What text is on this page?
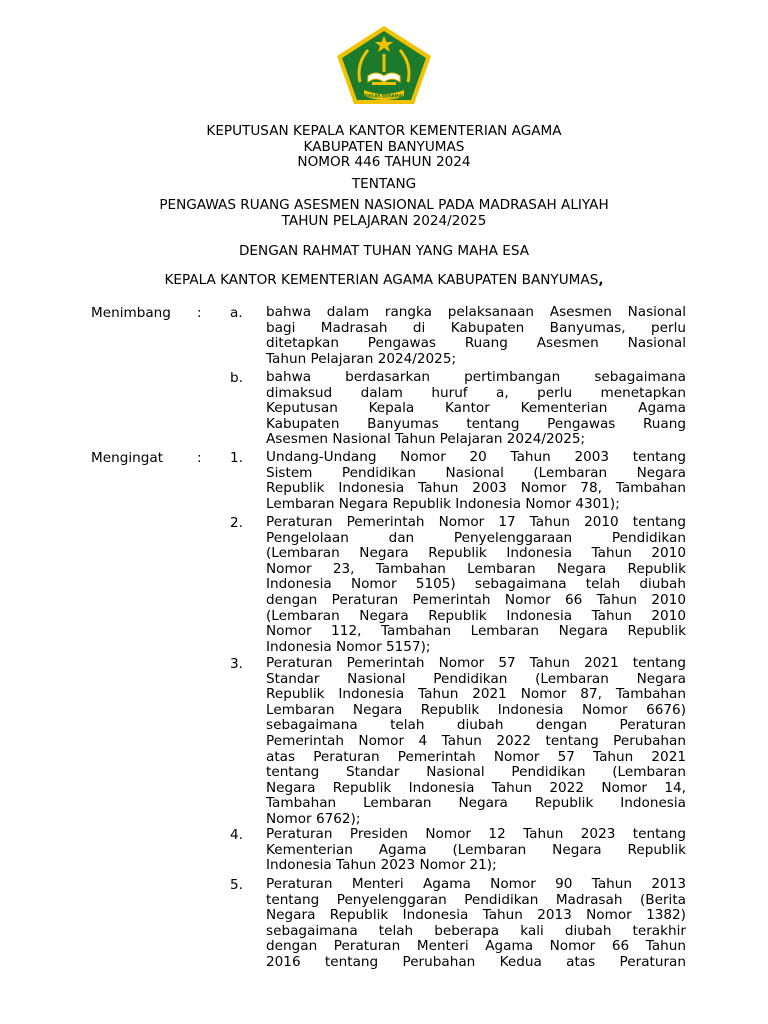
IKHLAS BERAMAL
KEPUTUSAN KEPALA KANTOR KEMENTERIAN AGAMA
KABUPATEN BANYUMAS
NOMOR 446 TAHUN 2024
TENTANG
PENGAWAS RUANG ASESMEN NASIONAL PADA MADRASAH ALIYAH
TAHUN PELAJARAN 2024/2025
DENGAN RAHMAT TUHAN YANG MAHA ESA
KEPALA KANTOR KEMENTERIAN AGAMA KABUPATEN BANYUMAS,
Menimbang	: a. bahwa dalam rangka pelaksanaan Asesmen Nasional
bagi Madrasah di Kabupaten Banyumas, perlu
ditetapkan Pengawas Ruang Asesmen Nasional
Tahun Pelajaran 2024/2025;
b. bahwa berdasarkan pertimbangan sebagaimana
dimaksud dalam huruf a, perlu menetapkan
Keputusan Kepala Kantor Kementerian Agama
Kabupaten Banyumas tentang Pengawas Ruang
Asesmen Nasional Tahun Pelajaran 2024/2025;
Mengingat	: 1. Undang-Undang Nomor 20 Tahun 2003 tentang
Sistem Pendidikan Nasional (Lembaran Negara
Republik Indonesia Tahun 2003 Nomor 78, Tambahan
Lembaran Negara Republik Indonesia Nomor 4301);
2. Peraturan Pemerintah Nomor 17 Tahun 2010 tentang
Pengelolaan dan Penyelenggaraan Pendidikan
(Lembaran Negara Republik Indonesia Tahun 2010
Nomor 23, Tambahan Lembaran Negara Republik
Indonesia Nomor 5105) sebagaimana telah diubah
dengan Peraturan Pemerintah Nomor 66 Tahun 2010
(Lembaran Negara Republik Indonesia Tahun 2010
Nomor 112, Tambahan Lembaran Negara Republik
Indonesia Nomor 5157);
3. Peraturan Pemerintah Nomor 57 Tahun 2021 tentang
Standar Nasional Pendidikan (Lembaran Negara
Republik Indonesia Tahun 2021 Nomor 87, Tambahan
Lembaran Negara Republik Indonesia Nomor 6676)
sebagaimana telah diubah dengan Peraturan
Pemerintah Nomor 4 Tahun 2022 tentang Perubahan
atas Peraturan Pemerintah Nomor 57 Tahun 2021
tentang Standar Nasional Pendidikan (Lembaran
Negara Republik Indonesia Tahun 2022 Nomor 14,
Tambahan Lembaran Negara Republik Indonesia
Nomor 6762);
4. Peraturan Presiden Nomor 12 Tahun 2023 tentang
Kementerian Agama (Lembaran Negara Republik
Indonesia Tahun 2023 Nomor 21);
5. Peraturan Menteri Agama Nomor 90 Tahun 2013
tentang Penyelenggaran Pendidikan Madrasah (Berita
Negara Republik Indonesia Tahun 2013 Nomor 1382)
sebagaimana telah beberapa kali diubah terakhir
dengan Peraturan Menteri Agama Nomor 66 Tahun
2016 tentang Perubahan Kedua atas Peraturan
